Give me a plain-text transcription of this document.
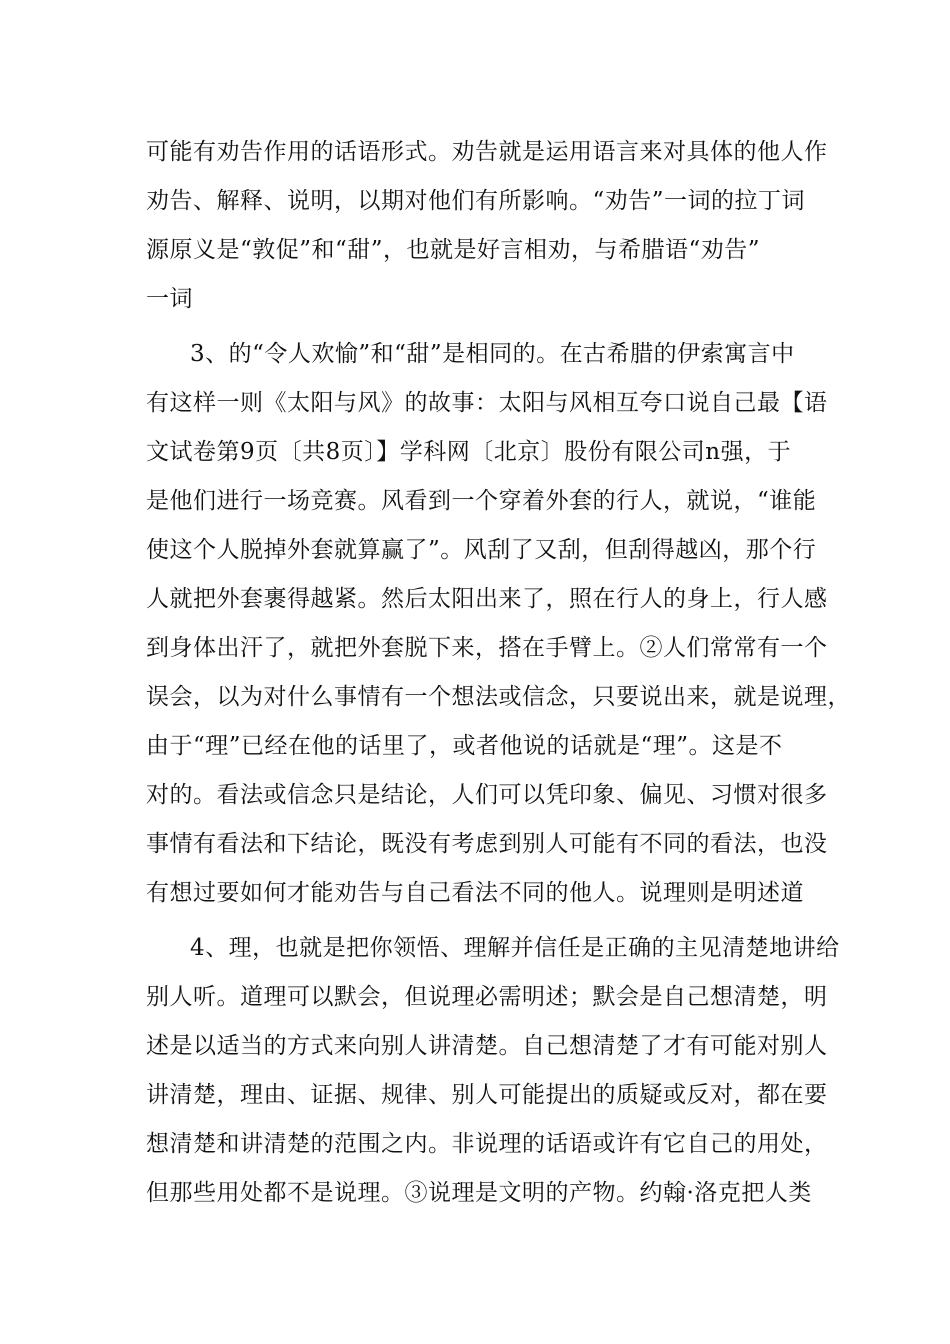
可能有劝告作用的话语形式。劝告就是运用语言来对具体的他人作
劝告、解释、说明，以期对他们有所影响。“劝告”一词的拉丁词
源原义是“敦促”和“甜”，也就是好言相劝，与希腊语“劝告”
一词
3、的“令人欢愉”和“甜”是相同的。在古希腊的伊索寓言中
有这样一则《太阳与风》的故事：太阳与风相互夸口说自己最【语
文试卷第9页〔共8页〕】学科网〔北京〕股份有限公司n强，于
是他们进行一场竞赛。风看到一个穿着外套的行人，就说，“谁能
使这个人脱掉外套就算赢了”。风刮了又刮，但刮得越凶，那个行
人就把外套裹得越紧。然后太阳出来了，照在行人的身上，行人感
到身体出汗了，就把外套脱下来，搭在手臂上。②人们常常有一个
误会，以为对什么事情有一个想法或信念，只要说出来，就是说理，
由于“理”已经在他的话里了，或者他说的话就是“理”。这是不
对的。看法或信念只是结论，人们可以凭印象、偏见、习惯对很多
事情有看法和下结论，既没有考虑到别人可能有不同的看法，也没
有想过要如何才能劝告与自己看法不同的他人。说理则是明述道
4、理，也就是把你领悟、理解并信任是正确的主见清楚地讲给
别人听。道理可以默会，但说理必需明述；默会是自己想清楚，明
述是以适当的方式来向别人讲清楚。自己想清楚了才有可能对别人
讲清楚，理由、证据、规律、别人可能提出的质疑或反对，都在要
想清楚和讲清楚的范围之内。非说理的话语或许有它自己的用处，
但那些用处都不是说理。③说理是文明的产物。约翰·洛克把人类
